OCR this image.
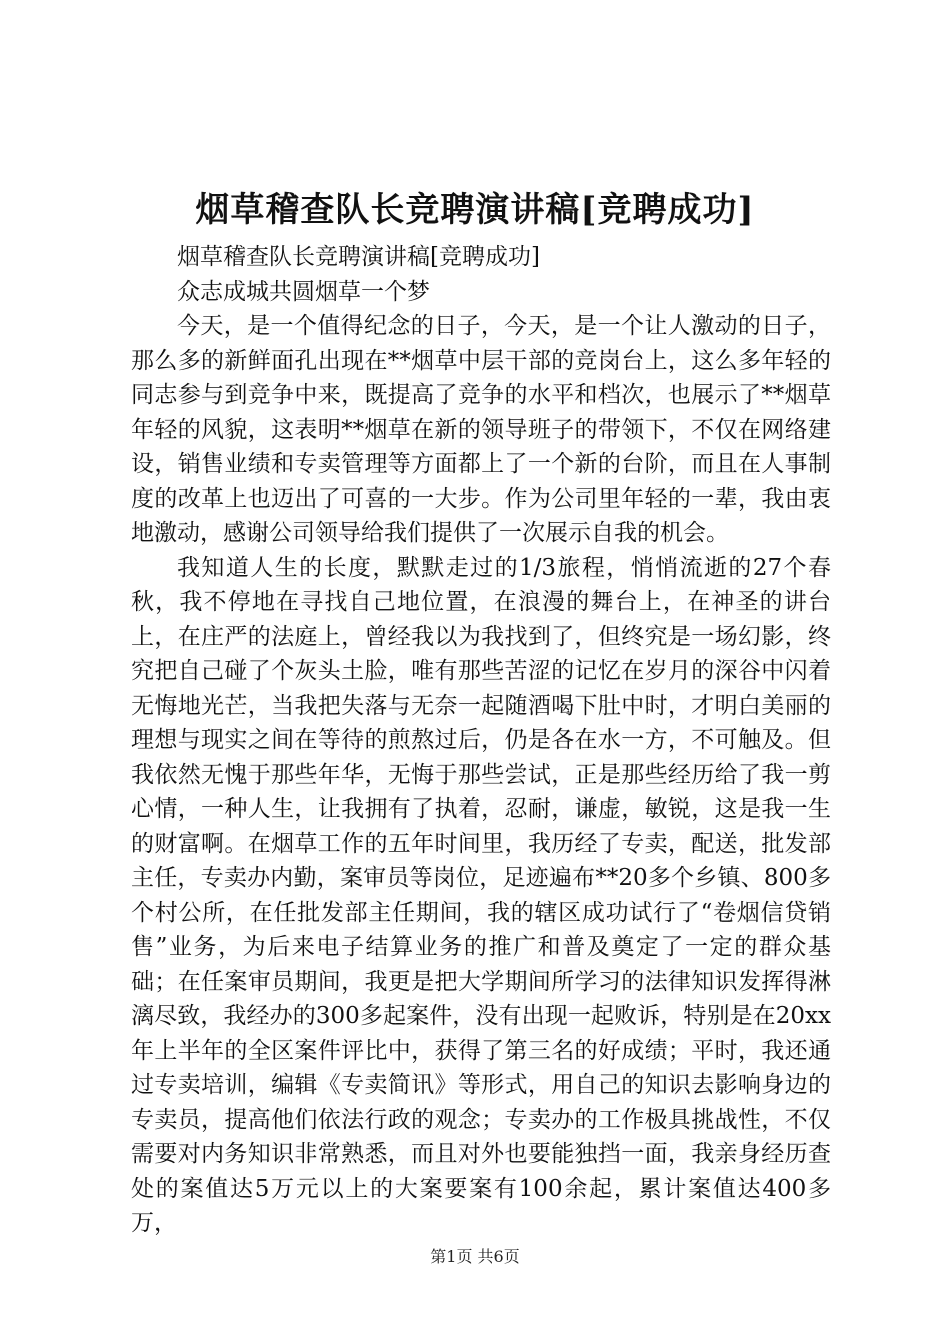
烟草稽查队长竞聘演讲稿[竞聘成功]

烟草稽查队长竞聘演讲稿[竞聘成功]

众志成城共圆烟草一个梦

今天，是一个值得纪念的日子，今天，是一个让人激动的日子，那么多的新鲜面孔出现在**烟草中层干部的竞岗台上，这么多年轻的同志参与到竞争中来，既提高了竞争的水平和档次，也展示了**烟草年轻的风貌，这表明**烟草在新的领导班子的带领下，不仅在网络建设，销售业绩和专卖管理等方面都上了一个新的台阶，而且在人事制度的改革上也迈出了可喜的一大步。作为公司里年轻的一辈，我由衷地激动，感谢公司领导给我们提供了一次展示自我的机会。

我知道人生的长度，默默走过的1/3旅程，悄悄流逝的27个春秋，我不停地在寻找自己地位置，在浪漫的舞台上，在神圣的讲台上，在庄严的法庭上，曾经我以为我找到了，但终究是一场幻影，终究把自己碰了个灰头土脸，唯有那些苦涩的记忆在岁月的深谷中闪着无悔地光芒，当我把失落与无奈一起随酒喝下肚中时，才明白美丽的理想与现实之间在等待的煎熬过后，仍是各在水一方，不可触及。但我依然无愧于那些年华，无悔于那些尝试，正是那些经历给了我一剪心情，一种人生，让我拥有了执着，忍耐，谦虚，敏锐，这是我一生的财富啊。在烟草工作的五年时间里，我历经了专卖，配送，批发部主任，专卖办内勤，案审员等岗位，足迹遍布**20多个乡镇、800多个村公所，在任批发部主任期间，我的辖区成功试行了“卷烟信贷销售”业务，为后来电子结算业务的推广和普及奠定了一定的群众基础；在任案审员期间，我更是把大学期间所学习的法律知识发挥得淋漓尽致，我经办的300多起案件，没有出现一起败诉，特别是在20xx年上半年的全区案件评比中，获得了第三名的好成绩；平时，我还通过专卖培训，编辑《专卖简讯》等形式，用自己的知识去影响身边的专卖员，提高他们依法行政的观念；专卖办的工作极具挑战性，不仅需要对内务知识非常熟悉，而且对外也要能独挡一面，我亲身经历查处的案值达5万元以上的大案要案有100余起，累计案值达400多万，

第1页 共6页
